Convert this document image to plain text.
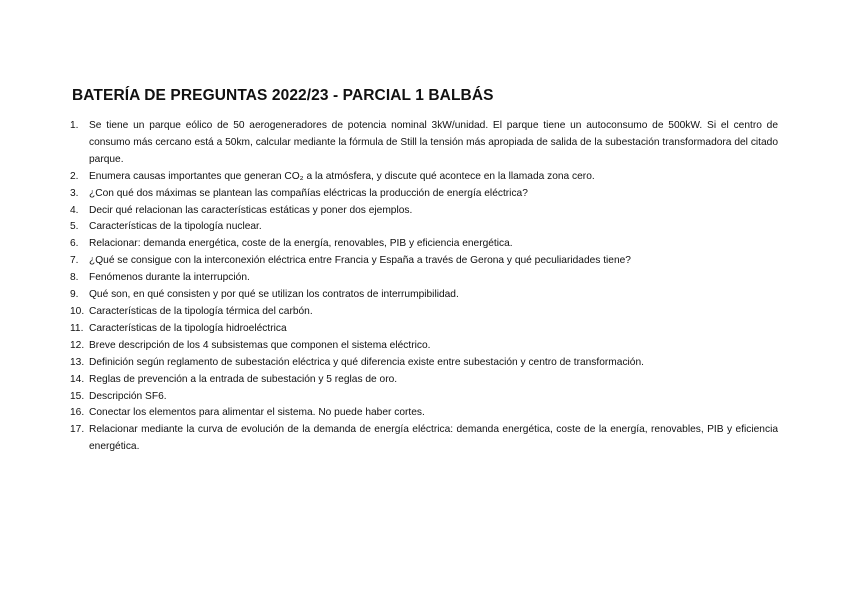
BATERÍA DE PREGUNTAS 2022/23 - PARCIAL 1 BALBÁS
1.	Se tiene un parque eólico de 50 aerogeneradores de potencia nominal 3kW/unidad. El parque tiene un autoconsumo de 500kW. Si el centro de consumo más cercano está a 50km, calcular mediante la fórmula de Still la tensión más apropiada de salida de la subestación transformadora del citado parque.
2.	Enumera causas importantes que generan CO₂ a la atmósfera, y discute qué acontece en la llamada zona cero.
3.	¿Con qué dos máximas se plantean las compañías eléctricas la producción de energía eléctrica?
4.	Decir qué relacionan las características estáticas y poner dos ejemplos.
5.	Características de la tipología nuclear.
6.	Relacionar: demanda energética, coste de la energía, renovables, PIB y eficiencia energética.
7.	¿Qué se consigue con la interconexión eléctrica entre Francia y España a través de Gerona y qué peculiaridades tiene?
8.	Fenómenos durante la interrupción.
9.	Qué son, en qué consisten y por qué se utilizan los contratos de interrumpibilidad.
10. Características de la tipología térmica del carbón.
11. Características de la tipología hidroeléctrica
12. Breve descripción de los 4 subsistemas que componen el sistema eléctrico.
13. Definición según reglamento de subestación eléctrica y qué diferencia existe entre subestación y centro de transformación.
14. Reglas de prevención a la entrada de subestación y 5 reglas de oro.
15. Descripción SF6.
16. Conectar los elementos para alimentar el sistema. No puede haber cortes.
17. Relacionar mediante la curva de evolución de la demanda de energía eléctrica: demanda energética, coste de la energía, renovables, PIB y eficiencia energética.
